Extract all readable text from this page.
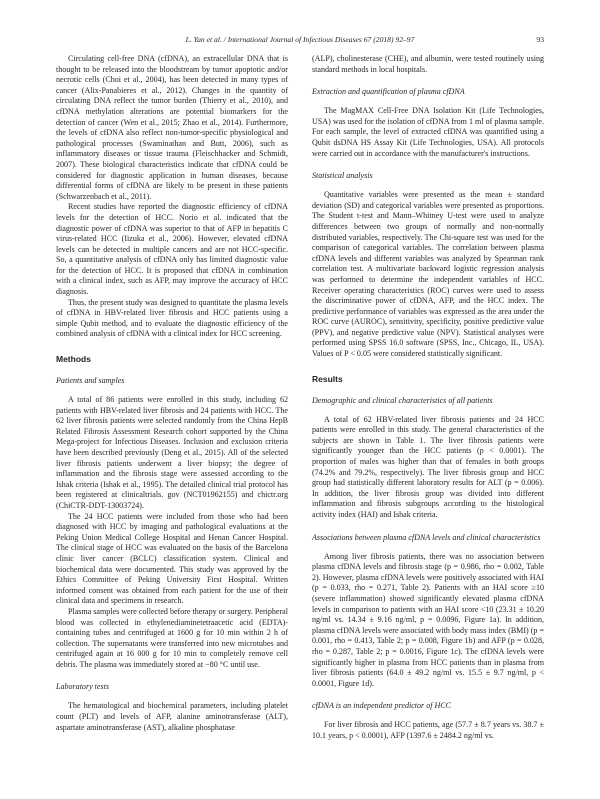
L. Yan et al. / International Journal of Infectious Diseases 67 (2018) 92–97	93

Circulating cell-free DNA (cfDNA), an extracellular DNA that is thought to be released into the bloodstream by tumor apoptotic and/or necrotic cells (Choi et al., 2004), has been detected in many types of cancer (Alix-Panabieres et al., 2012). Changes in the quantity of circulating DNA reflect the tumor burden (Thierry et al., 2010), and cfDNA methylation alterations are potential biomarkers for the detection of cancer (Wen et al., 2015; Zhao et al., 2014). Furthermore, the levels of cfDNA also reflect non-tumor-specific physiological and pathological processes (Swaminathan and Butt, 2006), such as inflammatory diseases or tissue trauma (Fleischhacker and Schmidt, 2007). These biological characteristics indicate that cfDNA could be considered for diagnostic application in human diseases, because differential forms of cfDNA are likely to be present in these patients (Schwarzenbach et al., 2011).

Recent studies have reported the diagnostic efficiency of cfDNA levels for the detection of HCC. Norio et al. indicated that the diagnostic power of cfDNA was superior to that of AFP in hepatitis C virus-related HCC (Iizuka et al., 2006). However, elevated cfDNA levels can be detected in multiple cancers and are not HCC-specific. So, a quantitative analysis of cfDNA only has limited diagnostic value for the detection of HCC. It is proposed that cfDNA in combination with a clinical index, such as AFP, may improve the accuracy of HCC diagnosis.

Thus, the present study was designed to quantitate the plasma levels of cfDNA in HBV-related liver fibrosis and HCC patients using a simple Qubit method, and to evaluate the diagnostic efficiency of the combined analysis of cfDNA with a clinical index for HCC screening.

Methods
Patients and samples

A total of 86 patients were enrolled in this study, including 62 patients with HBV-related liver fibrosis and 24 patients with HCC. The 62 liver fibrosis patients were selected randomly from the China HepB Related Fibrosis Assessment Research cohort supported by the China Mega-project for Infectious Diseases. Inclusion and exclusion criteria have been described previously (Deng et al., 2015). All of the selected liver fibrosis patients underwent a liver biopsy; the degree of inflammation and the fibrosis stage were assessed according to the Ishak criteria (Ishak et al., 1995). The detailed clinical trial protocol has been registered at clinicaltrials. gov (NCT01962155) and chictr.org (ChiCTR-DDT-13003724).

The 24 HCC patients were included from those who had been diagnosed with HCC by imaging and pathological evaluations at the Peking Union Medical College Hospital and Henan Cancer Hospital. The clinical stage of HCC was evaluated on the basis of the Barcelona clinic liver cancer (BCLC) classification system. Clinical and biochemical data were documented. This study was approved by the Ethics Committee of Peking University First Hospital. Written informed consent was obtained from each patient for the use of their clinical data and specimens in research.

Plasma samples were collected before therapy or surgery. Peripheral blood was collected in ethylenediaminetetraacetic acid (EDTA)-containing tubes and centrifuged at 1600 g for 10 min within 2 h of collection. The supernatants were transferred into new microtubes and centrifuged again at 16 000 g for 10 min to completely remove cell debris. The plasma was immediately stored at −80 °C until use.

Laboratory tests

The hematological and biochemical parameters, including platelet count (PLT) and levels of AFP, alanine aminotransferase (ALT), aspartate aminotransferase (AST), alkaline phosphatase

(ALP), cholinesterase (CHE), and albumin, were tested routinely using standard methods in local hospitals.

Extraction and quantification of plasma cfDNA

The MagMAX Cell-Free DNA Isolation Kit (Life Technologies, USA) was used for the isolation of cfDNA from 1 ml of plasma sample. For each sample, the level of extracted cfDNA was quantified using a Qubit dsDNA HS Assay Kit (Life Technologies, USA). All protocols were carried out in accordance with the manufacturer's instructions.

Statistical analysis

Quantitative variables were presented as the mean ± standard deviation (SD) and categorical variables were presented as proportions. The Student t-test and Mann–Whitney U-test were used to analyze differences between two groups of normally and non-normally distributed variables, respectively. The Chi-square test was used for the comparison of categorical variables. The correlation between plasma cfDNA levels and different variables was analyzed by Spearman rank correlation test. A multivariate backward logistic regression analysis was performed to determine the independent variables of HCC. Receiver operating characteristics (ROC) curves were used to assess the discriminative power of cfDNA, AFP, and the HCC index. The predictive performance of variables was expressed as the area under the ROC curve (AUROC), sensitivity, specificity, positive predictive value (PPV), and negative predictive value (NPV). Statistical analyses were performed using SPSS 16.0 software (SPSS, Inc., Chicago, IL, USA). Values of P < 0.05 were considered statistically significant.

Results
Demographic and clinical characteristics of all patients

A total of 62 HBV-related liver fibrosis patients and 24 HCC patients were enrolled in this study. The general characteristics of the subjects are shown in Table 1. The liver fibrosis patients were significantly younger than the HCC patients (p < 0.0001). The proportion of males was higher than that of females in both groups (74.2% and 79.2%, respectively). The liver fibrosis group and HCC group had statistically different laboratory results for ALT (p = 0.006). In addition, the liver fibrosis group was divided into different inflammation and fibrosis subgroups according to the histological activity index (HAI) and Ishak criteria.

Associations between plasma cfDNA levels and clinical characteristics

Among liver fibrosis patients, there was no association between plasma cfDNA levels and fibrosis stage (p = 0.986, rho = 0.002, Table 2). However, plasma cfDNA levels were positively associated with HAI (p = 0.033, rho = 0.271, Table 2). Patients with an HAI score ≥10 (severe inflammation) showed significantly elevated plasma cfDNA levels in comparison to patients with an HAI score <10 (23.31 ± 10.20 ng/ml vs. 14.34 ± 9.16 ng/ml, p = 0.0096, Figure 1a). In addition, plasma cfDNA levels were associated with body mass index (BMI) (p = 0.001, rho = 0.413, Table 2; p = 0.008, Figure 1b) and AFP (p = 0.028, rho = 0.287, Table 2; p = 0.0016, Figure 1c). The cfDNA levels were significantly higher in plasma from HCC patients than in plasma from liver fibrosis patients (64.0 ± 49.2 ng/ml vs. 15.5 ± 9.7 ng/ml, p < 0.0001, Figure 1d).

cfDNA is an independent predictor of HCC

For liver fibrosis and HCC patients, age (57.7 ± 8.7 years vs. 38.7 ± 10.1 years, p < 0.0001), AFP (1397.6 ± 2484.2 ng/ml vs.
